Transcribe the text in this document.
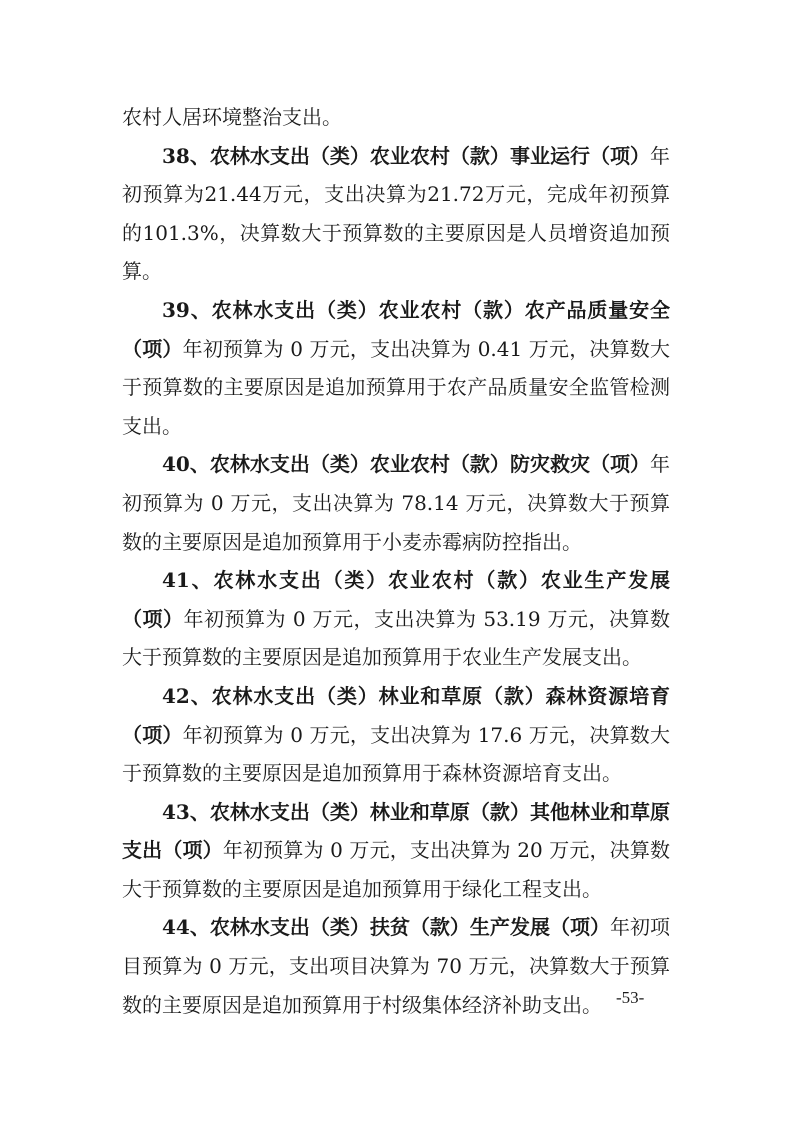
农村人居环境整治支出。

38、农林水支出（类）农业农村（款）事业运行（项）年初预算为21.44万元，支出决算为21.72万元，完成年初预算的101.3%，决算数大于预算数的主要原因是人员增资追加预算。

39、农林水支出（类）农业农村（款）农产品质量安全（项）年初预算为 0 万元，支出决算为 0.41 万元，决算数大于预算数的主要原因是追加预算用于农产品质量安全监管检测支出。

40、农林水支出（类）农业农村（款）防灾救灾（项）年初预算为 0 万元，支出决算为 78.14 万元，决算数大于预算数的主要原因是追加预算用于小麦赤霉病防控指出。

41、农林水支出（类）农业农村（款）农业生产发展（项）年初预算为 0 万元，支出决算为 53.19 万元，决算数大于预算数的主要原因是追加预算用于农业生产发展支出。

42、农林水支出（类）林业和草原（款）森林资源培育（项）年初预算为 0 万元，支出决算为 17.6 万元，决算数大于预算数的主要原因是追加预算用于森林资源培育支出。

43、农林水支出（类）林业和草原（款）其他林业和草原支出（项）年初预算为 0 万元，支出决算为 20 万元，决算数大于预算数的主要原因是追加预算用于绿化工程支出。

44、农林水支出（类）扶贫（款）生产发展（项）年初项目预算为 0 万元，支出项目决算为 70 万元，决算数大于预算数的主要原因是追加预算用于村级集体经济补助支出。 -53-
